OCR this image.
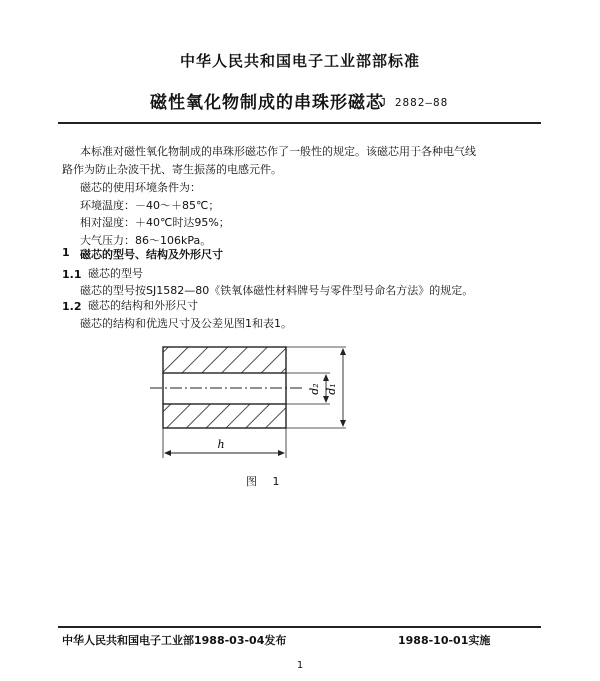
中华人民共和国电子工业部部标准
磁性氧化物制成的串珠形磁芯
SJ 2882—88
本标准对磁性氧化物制成的串珠形磁芯作了一般性的规定。该磁芯用于各种电气线
路作为防止杂波干扰、寄生振荡的电感元件。
磁芯的使用环境条件为：
环境温度：－40～＋85℃；
相对湿度：＋40℃时达95%；
大气压力：86～106kPa。
1 磁芯的型号、结构及外形尺寸
1.1 磁芯的型号
磁芯的型号按SJ1582—80《铁氧体磁性材料牌号与零件型号命名方法》的规定。
1.2 磁芯的结构和外形尺寸
磁芯的结构和优选尺寸及公差见图1和表1。
d₂ d₁
h
图 1
中华人民共和国电子工业部1988-03-04发布	1988-10-01实施
1
